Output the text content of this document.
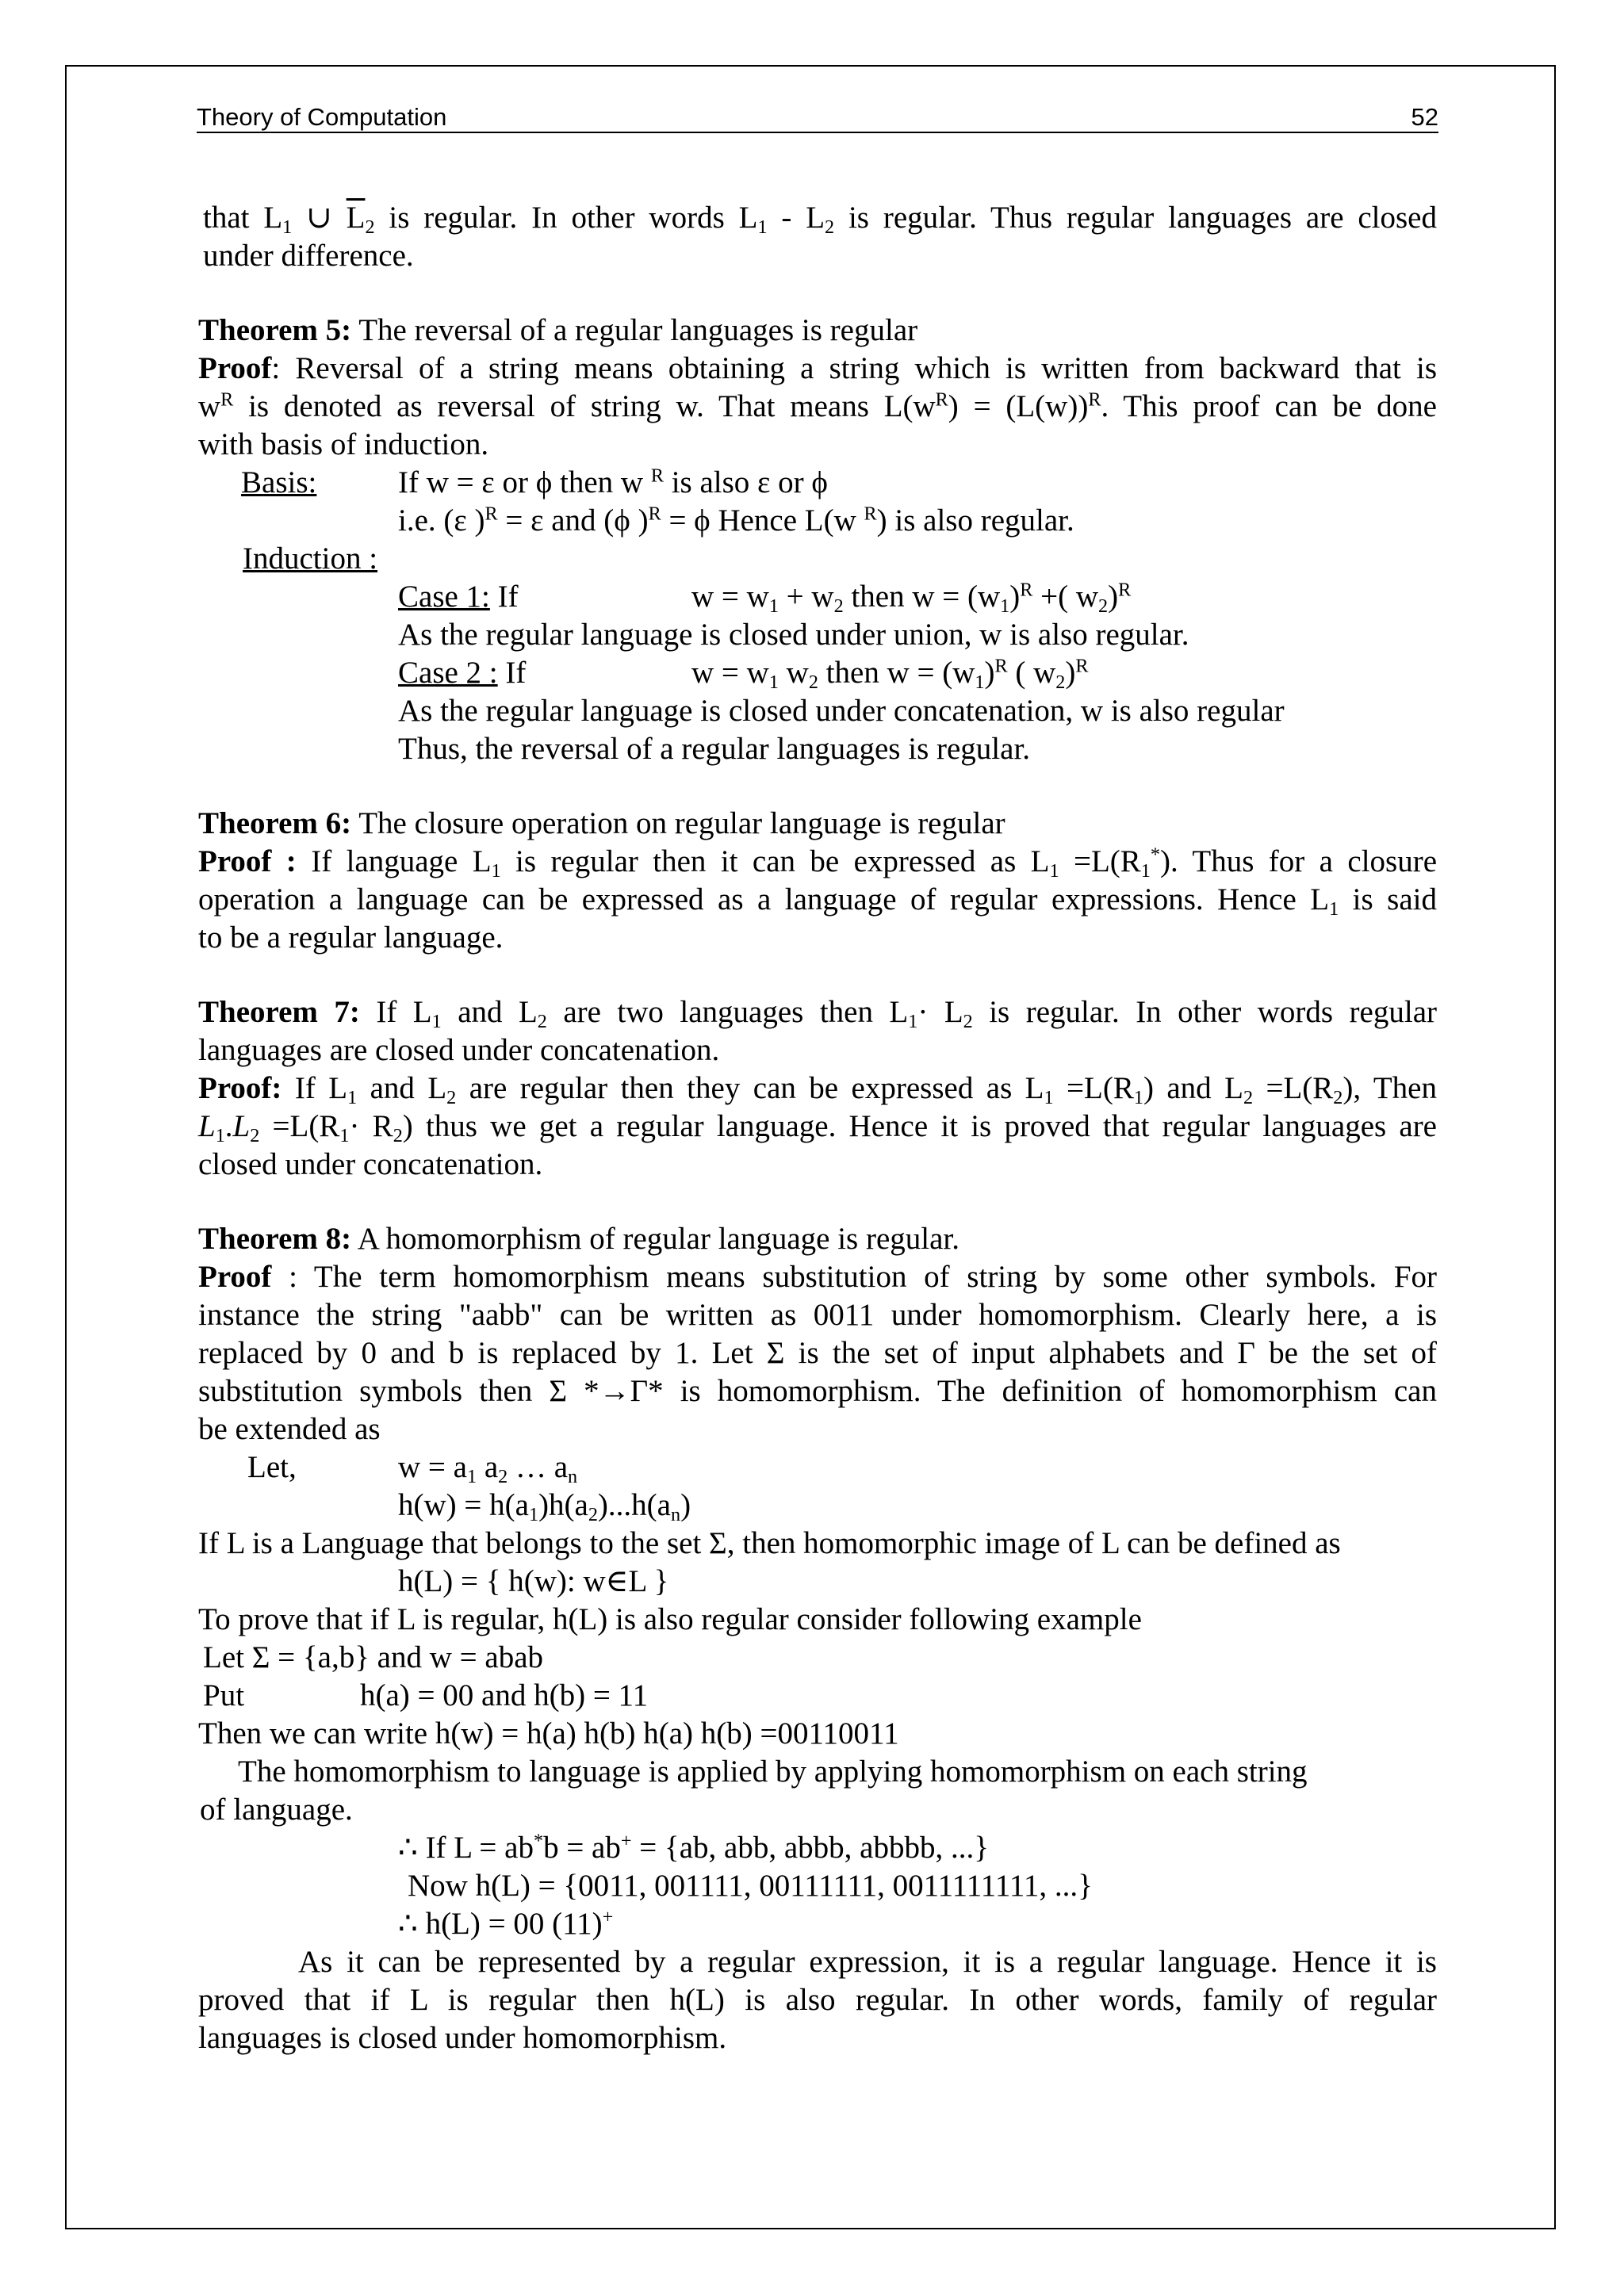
Theory of Computation	52
that $L_1$ ∪ $\overline{L}_2$ is regular. In other words $L_1 - L_2$ is regular. Thus regular languages are closed
under difference.
Theorem 5: The reversal of a regular languages is regular
Proof: Reversal of a string means obtaining a string which is written from backward that is
$w^R$ is denoted as reversal of string w. That means $L(w^R) = (L(w))^R$. This proof can be done
with basis of induction.
Basis:	If w = ε or ϕ then w $^R$ is also ε or ϕ
i.e. (ε )$^R$ = ε and (ϕ )$^R$ = ϕ Hence L(w $^R$) is also regular.
Induction :
Case 1: If	$w = w_1 + w_2$ then $w = (w_1)^R$ +( $w_2)^R$
As the regular language is closed under union, w is also regular.
Case 2 : If	$w = w_1$ $w_2$ then $w = (w_1)^R$ ( $w_2)^R$
As the regular language is closed under concatenation, w is also regular
Thus, the reversal of a regular languages is regular.
Theorem 6: The closure operation on regular language is regular
Proof : If language $L_1$ is regular then it can be expressed as $L_1 =L(R_1^*)$. Thus for a closure
operation a language can be expressed as a language of regular expressions. Hence $L_1$ is said
to be a regular language.
Theorem 7: If $L_1$ and $L_2$ are two languages then $L_1\cdot L_2$ is regular. In other words regular
languages are closed under concatenation.
Proof: If $L_1$ and $L_2$ are regular then they can be expressed as $L_1 =L(R_1)$ and $L_2 =L(R_2)$, Then
$L_1.L_2 =L(R_1\cdot R_2)$ thus we get a regular language. Hence it is proved that regular languages are
closed under concatenation.
Theorem 8: A homomorphism of regular language is regular.
Proof : The term homomorphism means substitution of string by some other symbols. For
instance the string "aabb" can be written as 0011 under homomorphism. Clearly here, a is
replaced by 0 and b is replaced by 1. Let Σ is the set of input alphabets and Γ be the set of
substitution symbols then Σ *→Γ* is homomorphism. The definition of homomorphism can
be extended as
Let,	$w = a_1$ $a_2$ … $a_n$
$h(w) = h(a_1)h(a_2)...h(a_n)$
If L is a Language that belongs to the set Σ, then homomorphic image of L can be defined as
h(L) = { h(w): w∈L }
To prove that if L is regular, h(L) is also regular consider following example
Let Σ = {a,b} and w = abab
Put	h(a) = 00 and h(b) = 11
Then we can write h(w) = h(a) h(b) h(a) h(b) =00110011
The homomorphism to language is applied by applying homomorphism on each string
of language.
∴ If L = ab*b = ab+ = {ab, abb, abbb, abbbb, ...}
Now h(L) = {0011, 001111, 00111111, 0011111111, ...}
∴ h(L) = 00 (11)+
As it can be represented by a regular expression, it is a regular language. Hence it is
proved that if L is regular then h(L) is also regular. In other words, family of regular
languages is closed under homomorphism.
